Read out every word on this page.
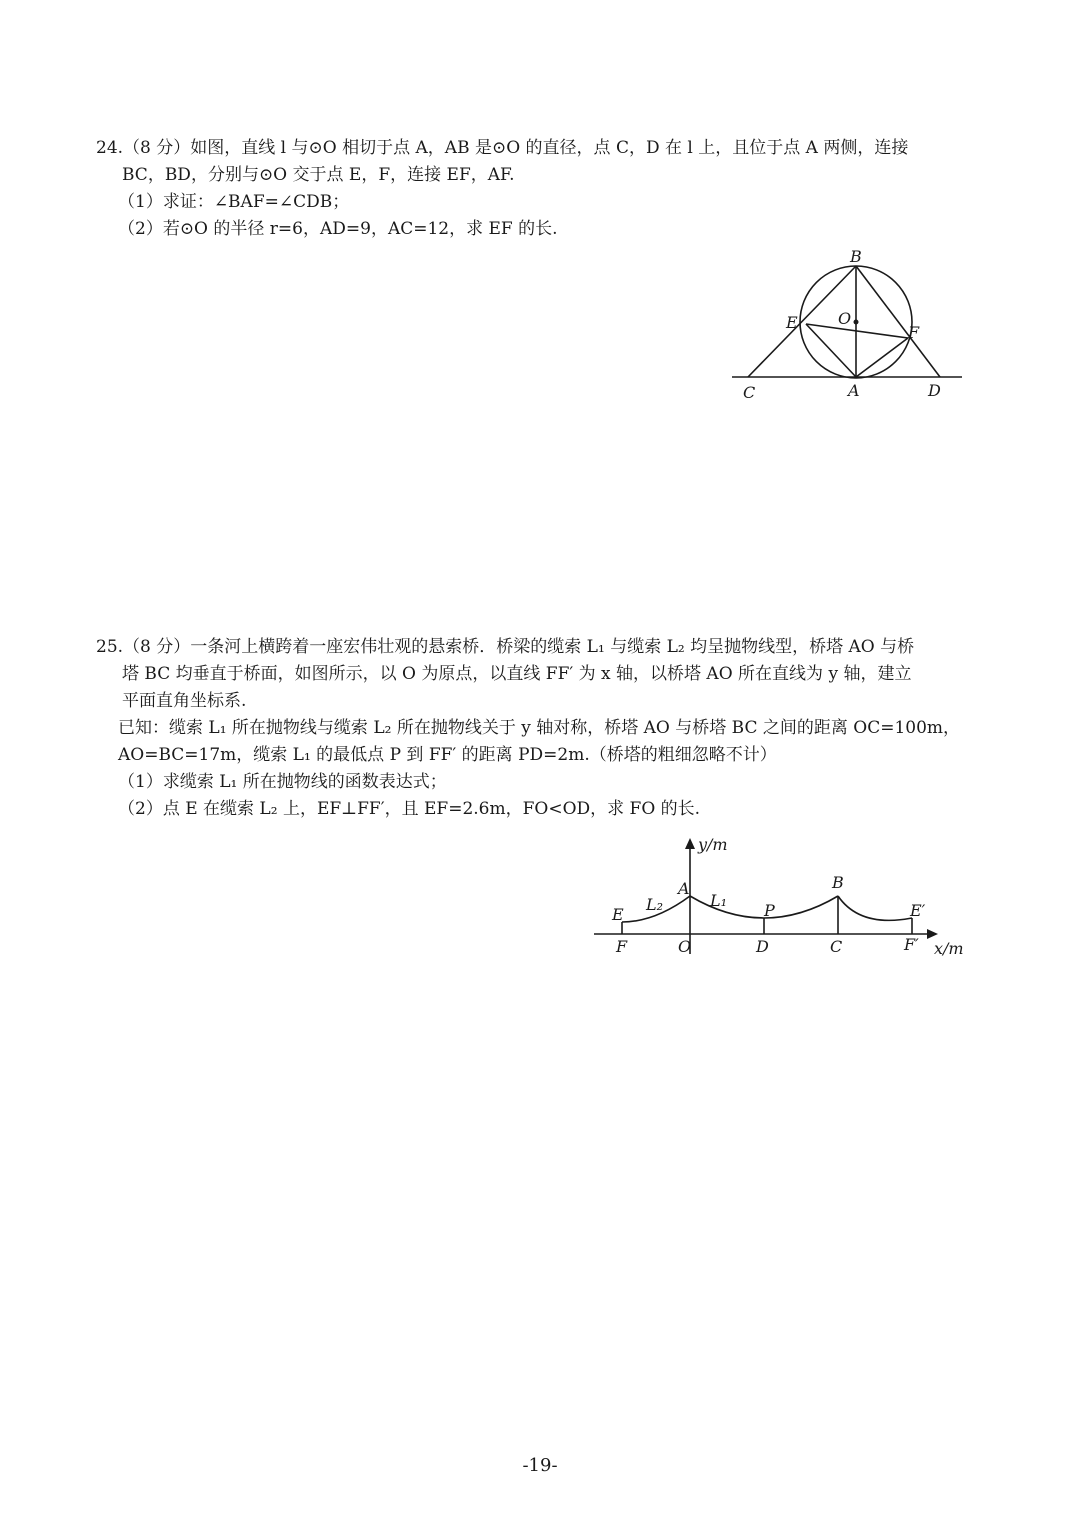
24.（8 分）如图，直线 l 与⊙O 相切于点 A，AB 是⊙O 的直径，点 C，D 在 l 上，且位于点 A 两侧，连接
BC，BD，分别与⊙O 交于点 E，F，连接 EF，AF.
（1）求证：∠BAF=∠CDB；
（2）若⊙O 的半径 r=6，AD=9，AC=12，求 EF 的长.
B
O
E
F
C	A	D
25.（8 分）一条河上横跨着一座宏伟壮观的悬索桥．桥梁的缆索 L₁ 与缆索 L₂ 均呈抛物线型，桥塔 AO 与桥
塔 BC 均垂直于桥面，如图所示，以 O 为原点，以直线 FF′ 为 x 轴，以桥塔 AO 所在直线为 y 轴，建立
平面直角坐标系.
已知：缆索 L₁ 所在抛物线与缆索 L₂ 所在抛物线关于 y 轴对称，桥塔 AO 与桥塔 BC 之间的距离 OC=100m，
AO=BC=17m，缆索 L₁ 的最低点 P 到 FF′ 的距离 PD=2m.（桥塔的粗细忽略不计）
（1）求缆索 L₁ 所在抛物线的函数表达式；
（2）点 E 在缆索 L₂ 上，EF⊥FF′，且 EF=2.6m，FO<OD，求 FO 的长.
y/m
x/m
A	B
L₁
L₂	P
E	E′
F	O	D	C	F′
-19-
